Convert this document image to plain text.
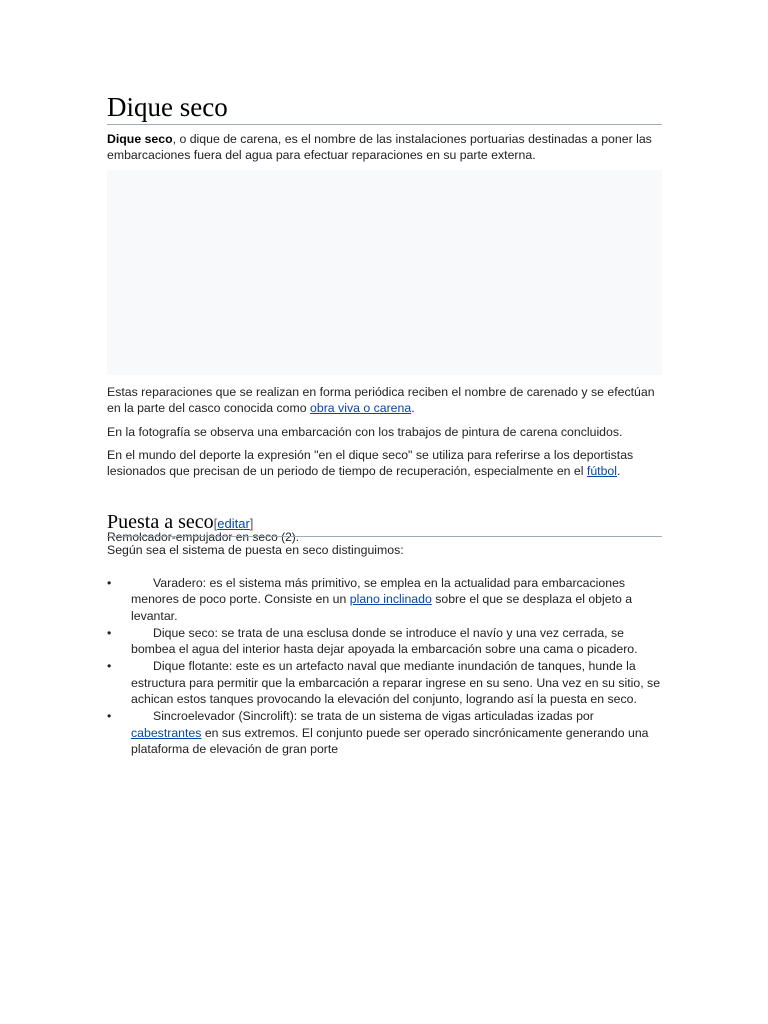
Dique seco

Dique seco, o dique de carena, es el nombre de las instalaciones portuarias destinadas a poner las embarcaciones fuera del agua para efectuar reparaciones en su parte externa.

Remolcador-empujador en seco (2).

Estas reparaciones que se realizan en forma periódica reciben el nombre de carenado y se efectúan en la parte del casco conocida como obra viva o carena.

En la fotografía se observa una embarcación con los trabajos de pintura de carena concluidos.

En el mundo del deporte la expresión "en el dique seco" se utiliza para referirse a los deportistas lesionados que precisan de un periodo de tiempo de recuperación, especialmente en el fútbol.

Puesta a seco[editar]

Según sea el sistema de puesta en seco distinguimos:

•	Varadero: es el sistema más primitivo, se emplea en la actualidad para embarcaciones menores de poco porte. Consiste en un plano inclinado sobre el que se desplaza el objeto a levantar.
•	Dique seco: se trata de una esclusa donde se introduce el navío y una vez cerrada, se bombea el agua del interior hasta dejar apoyada la embarcación sobre una cama o picadero.
•	Dique flotante: este es un artefacto naval que mediante inundación de tanques, hunde la estructura para permitir que la embarcación a reparar ingrese en su seno. Una vez en su sitio, se achican estos tanques provocando la elevación del conjunto, logrando así la puesta en seco.
•	Sincroelevador (Sincrolift): se trata de un sistema de vigas articuladas izadas por cabestrantes en sus extremos. El conjunto puede ser operado sincrónicamente generando una plataforma de elevación de gran porte
